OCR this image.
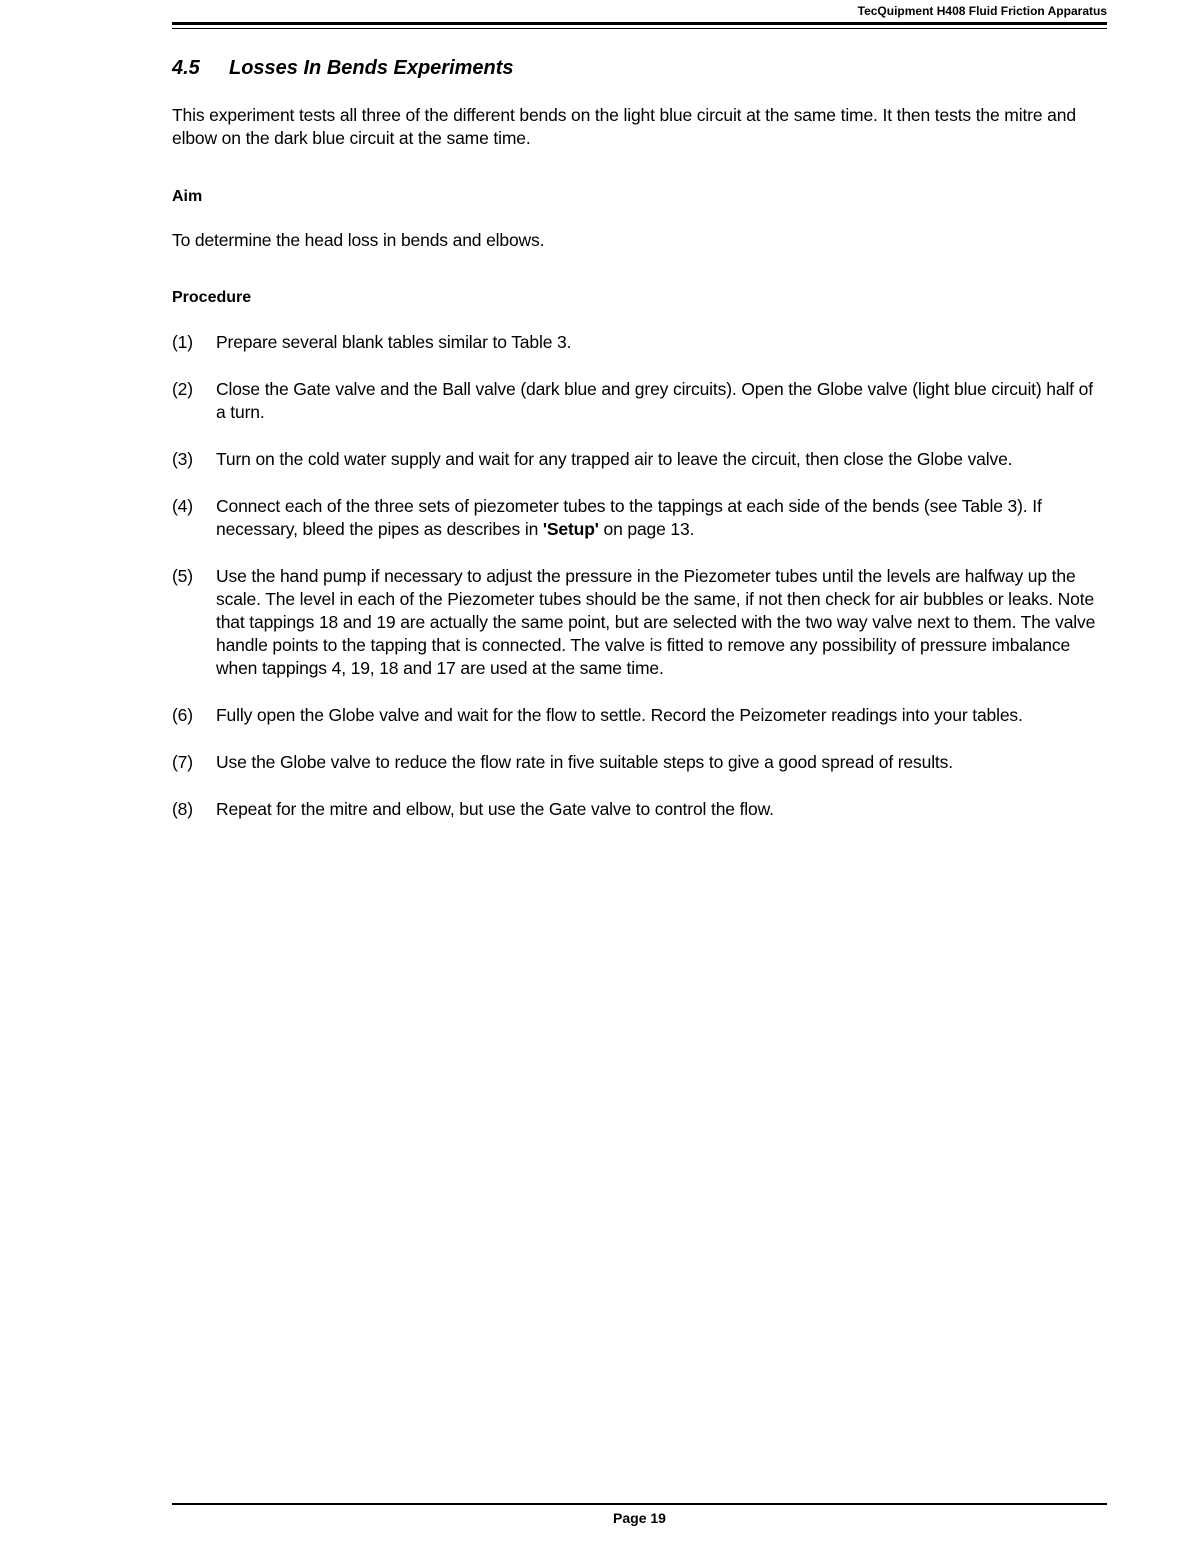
TecQuipment H408 Fluid Friction Apparatus
4.5 Losses In Bends Experiments
This experiment tests all three of the different bends on the light blue circuit at the same time. It then tests the mitre and elbow on the dark blue circuit at the same time.
Aim
To determine the head loss in bends and elbows.
Procedure
(1)	Prepare several blank tables similar to Table 3.
(2)	Close the Gate valve and the Ball valve (dark blue and grey circuits). Open the Globe valve (light blue circuit) half of a turn.
(3)	Turn on the cold water supply and wait for any trapped air to leave the circuit, then close the Globe valve.
(4)	Connect each of the three sets of piezometer tubes to the tappings at each side of the bends (see Table 3). If necessary, bleed the pipes as describes in 'Setup' on page 13.
(5)	Use the hand pump if necessary to adjust the pressure in the Piezometer tubes until the levels are halfway up the scale. The level in each of the Piezometer tubes should be the same, if not then check for air bubbles or leaks. Note that tappings 18 and 19 are actually the same point, but are selected with the two way valve next to them. The valve handle points to the tapping that is connected. The valve is fitted to remove any possibility of pressure imbalance when tappings 4, 19, 18 and 17 are used at the same time.
(6)	Fully open the Globe valve and wait for the flow to settle. Record the Peizometer readings into your tables.
(7)	Use the Globe valve to reduce the flow rate in five suitable steps to give a good spread of results.
(8)	Repeat for the mitre and elbow, but use the Gate valve to control the flow.
Page 19
